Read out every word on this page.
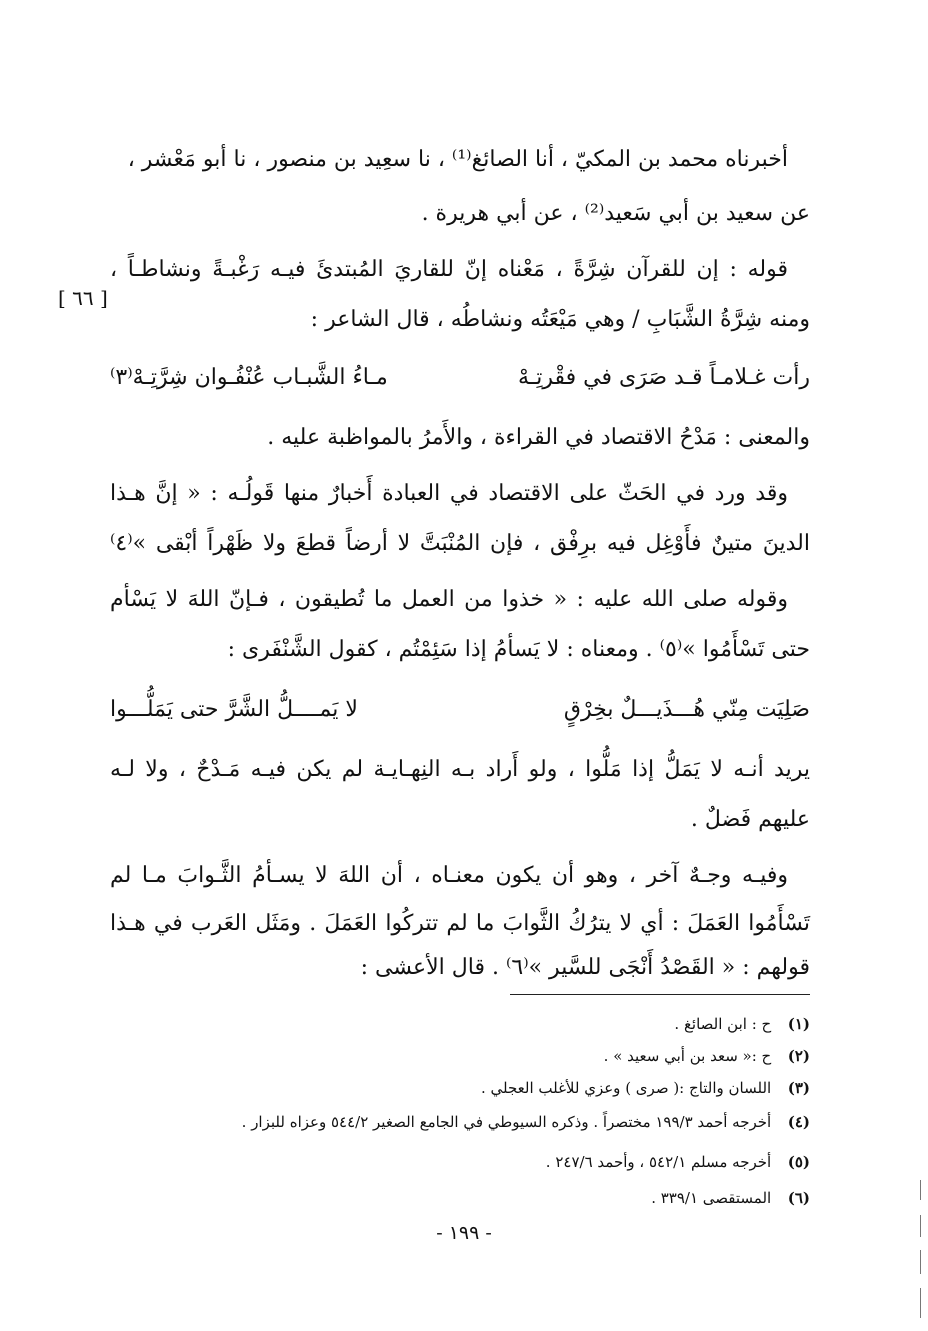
[ ٦٦ ]
أخبرناه محمد بن المكيّ ، أنا الصائغ⁽¹⁾ ، نا سعِيد بن منصور ، نا أبو مَعْشر ،
عن سعيد بن أبي سَعيد⁽²⁾ ، عن أبي هريرة .
قوله : إن للقرآن شِرَّةً ، مَعْناه إنّ للقاريَ المُبتدئَ فيـه رَغْبـةً ونشاطـاً ،
ومنه شِرَّةُ الشَّبَابِ / وهي مَيْعَتُه ونشاطُه ، قال الشاعر :
رأت غـلامـاً قـد صَرَى في فقْرتِـهْ
مـاءُ الشَّبـاب عُنْفُـوان شِرَّتِـهْ⁽٣⁾
والمعنى : مَدْحُ الاقتصاد في القراءة ، والأَمرُ بالمواظبة عليه .
وقد ورد في الحَثّ على الاقتصاد في العبادة أَخبارٌ منها قَولُـه : « إنَّ هـذا
الدينَ متينٌ فأَوْغِل فيه برِفْق ، فإن المُنْبَتَّ لا أرضاً قطعَ ولا ظَهْراً أبْقى »⁽٤⁾
وقوله صلى الله عليه : « خذوا من العمل ما تُطيقون ، فـإنّ اللهَ لا يَسْأم
حتى تَسْأَمُوا »⁽٥⁾ . ومعناه : لا يَسأمُ إذا سَئِمْتُم ، كقول الشَّنْفَرى :
صَلِيَت مِنّي هُـــذَيـــلٌ بخِرْقٍ
لا يَمــــلُّ الشَّرَّ حتى يَمَلُّـــوا
يريد أنـه لا يَمَلُّ إذا مَلُّوا ، ولو أَراد بـه النِهـايـة لم يكن فيـه مَـدْحٌ ، ولا لـه
عليهم فَضلٌ .
وفيـه وجـهٌ آخر ، وهو أن يكون معنـاه ، أن اللهَ لا يسـأمُ الثَّـوابَ مـا لم
تَسْأَمُوا العَمَلَ : أي لا يترُكُ الثَّوابَ ما لم تتركُوا العَمَلَ . ومَثَل العَرب في هـذا
قولهم : « القَصْدُ أَنْجَى للسَّير »⁽٦⁾ . قال الأعشى :
(١) ح : ابن الصائغ .
(٢) ح :« سعد بن أبي سعيد » .
(٣) اللسان والتاج :( صرى ) وعزي للأغلب العجلي .
(٤) أخرجه أحمد ١٩٩/٣ مختصراً . وذكره السيوطي في الجامع الصغير ٥٤٤/٢ وعزاه للبزار .
(٥) أخرجه مسلم ٥٤٢/١ ، وأحمد ٢٤٧/٦ .
(٦) المستقصى ٣٣٩/١ .
- ١٩٩ -
